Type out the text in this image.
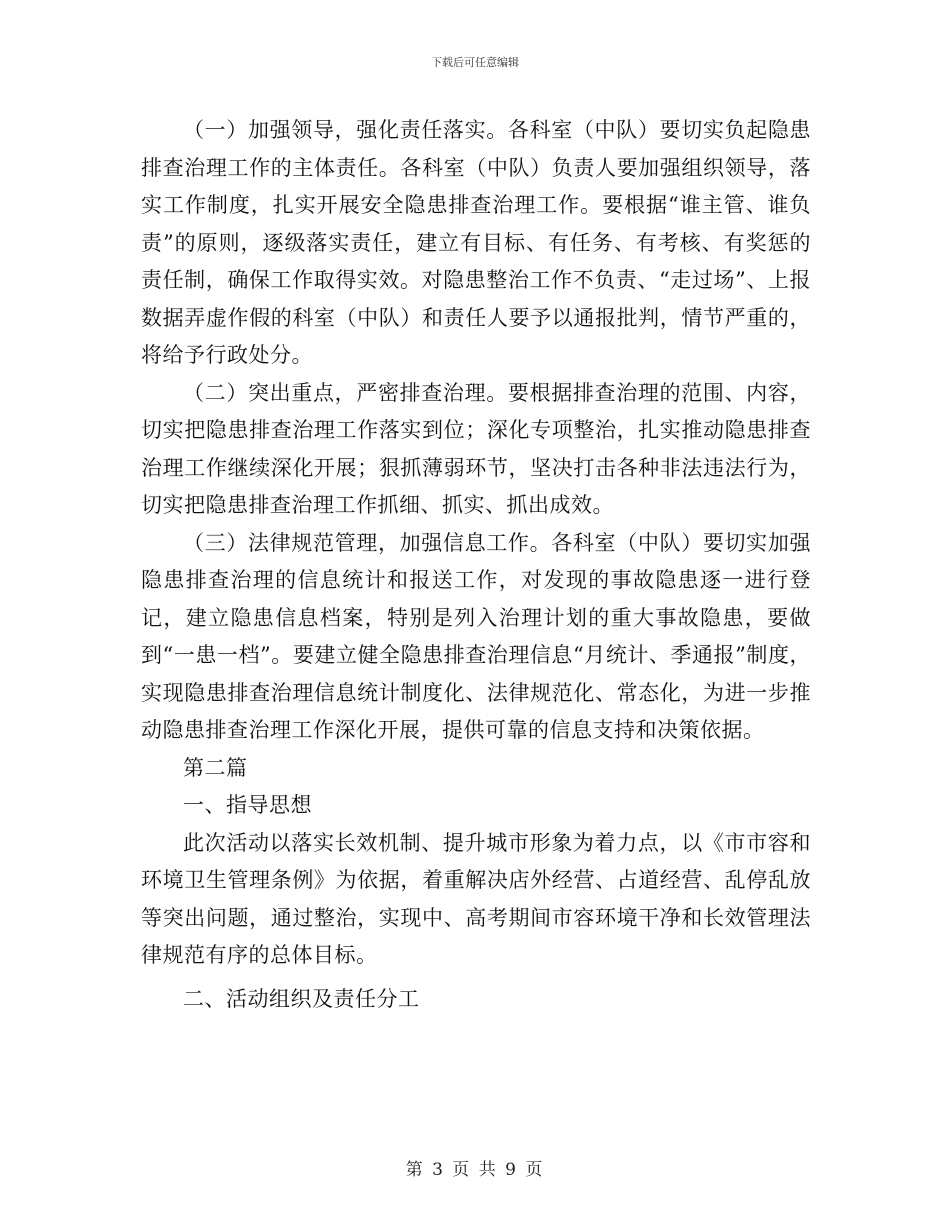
下载后可任意编辑

（一）加强领导，强化责任落实。各科室（中队）要切实负起隐患排查治理工作的主体责任。各科室（中队）负责人要加强组织领导，落实工作制度，扎实开展安全隐患排查治理工作。要根据“谁主管、谁负责”的原则，逐级落实责任，建立有目标、有任务、有考核、有奖惩的责任制，确保工作取得实效。对隐患整治工作不负责、“走过场”、上报数据弄虚作假的科室（中队）和责任人要予以通报批判，情节严重的，将给予行政处分。

（二）突出重点，严密排查治理。要根据排查治理的范围、内容，切实把隐患排查治理工作落实到位；深化专项整治，扎实推动隐患排查治理工作继续深化开展；狠抓薄弱环节，坚决打击各种非法违法行为，切实把隐患排查治理工作抓细、抓实、抓出成效。

（三）法律规范管理，加强信息工作。各科室（中队）要切实加强隐患排查治理的信息统计和报送工作，对发现的事故隐患逐一进行登记，建立隐患信息档案，特别是列入治理计划的重大事故隐患，要做到“一患一档”。要建立健全隐患排查治理信息“月统计、季通报”制度，实现隐患排查治理信息统计制度化、法律规范化、常态化，为进一步推动隐患排查治理工作深化开展，提供可靠的信息支持和决策依据。

第二篇

一、指导思想

此次活动以落实长效机制、提升城市形象为着力点，以《市市容和环境卫生管理条例》为依据，着重解决店外经营、占道经营、乱停乱放等突出问题，通过整治，实现中、高考期间市容环境干净和长效管理法律规范有序的总体目标。

二、活动组织及责任分工

第 3 页 共 9 页
